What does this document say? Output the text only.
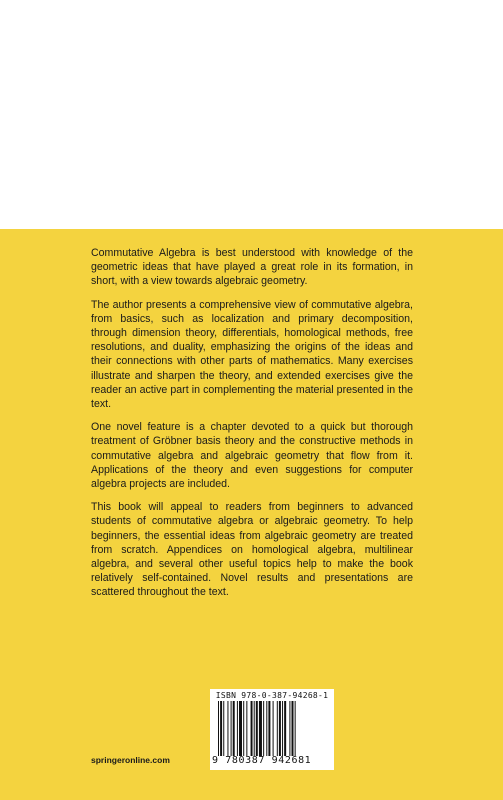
Commutative Algebra is best understood with knowledge of the geometric ideas that have played a great role in its formation, in short, with a view towards algebraic geometry.

The author presents a comprehensive view of commutative algebra, from basics, such as localization and primary decomposition, through dimension theory, differentials, homological methods, free resolutions, and duality, emphasizing the origins of the ideas and their connections with other parts of mathematics. Many exercises illustrate and sharpen the theory, and extended exercises give the reader an active part in complementing the material presented in the text.

One novel feature is a chapter devoted to a quick but thorough treatment of Gröbner basis theory and the constructive methods in commutative algebra and algebraic geometry that flow from it. Applications of the theory and even suggestions for computer algebra projects are included.

This book will appeal to readers from beginners to advanced students of commutative algebra or algebraic geometry. To help beginners, the essential ideas from algebraic geometry are treated from scratch. Appendices on homological algebra, multilinear algebra, and several other useful topics help to make the book relatively self-contained. Novel results and presentations are scattered throughout the text.

ISBN 978-0-387-94268-1
9 780387 942681
springeronline.com
